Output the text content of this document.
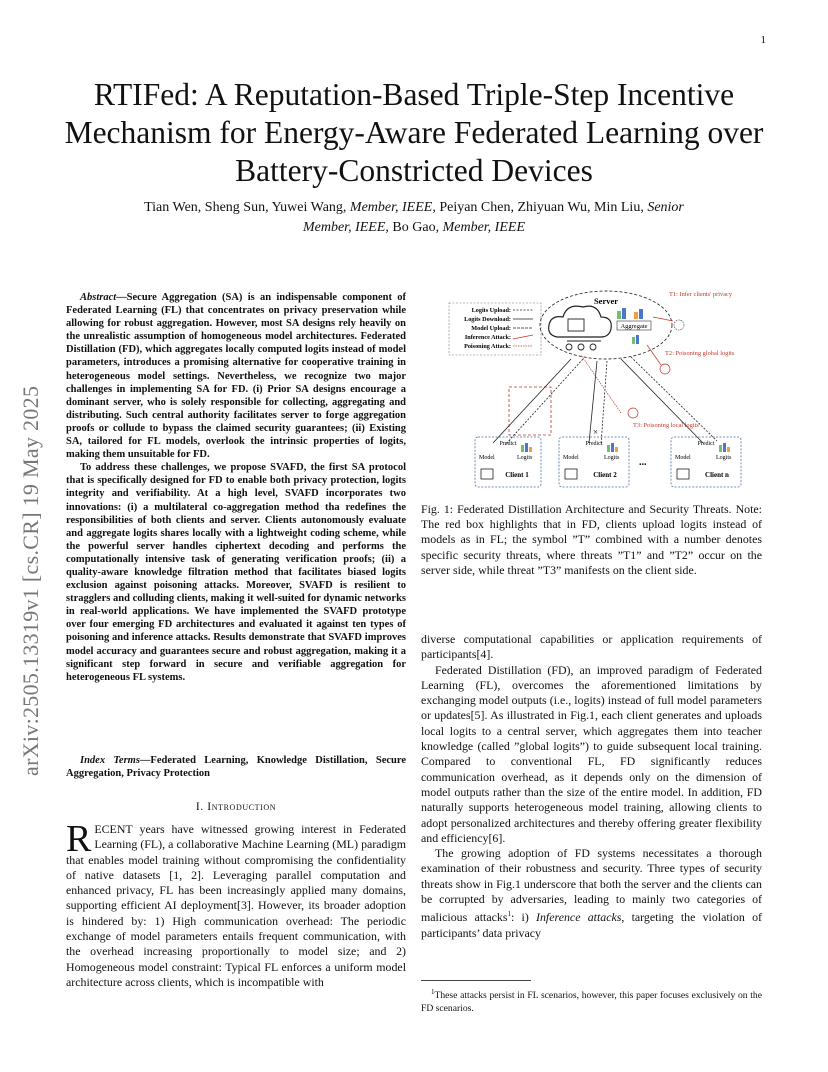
1
arXiv:2505.13319v1 [cs.CR] 19 May 2025
RTIFed: A Reputation-Based Triple-Step Incentive Mechanism for Energy-Aware Federated Learning over Battery-Constricted Devices
Tian Wen, Sheng Sun, Yuwei Wang, Member, IEEE, Peiyan Chen, Zhiyuan Wu, Min Liu, Senior
Member, IEEE, Bo Gao, Member, IEEE

Abstract—Secure Aggregation (SA) is an indispensable component of Federated Learning (FL) that concentrates on privacy preservation while allowing for robust aggregation. However, most SA designs rely heavily on the unrealistic assumption of homogeneous model architectures. Federated Distillation (FD), which aggregates locally computed logits instead of model parameters, introduces a promising alternative for cooperative training in heterogeneous model settings. Nevertheless, we recognize two major challenges in implementing SA for FD. (i) Prior SA designs encourage a dominant server, who is solely responsible for collecting, aggregating and distributing. Such central authority facilitates server to forge aggregation proofs or collude to bypass the claimed security guarantees; (ii) Existing SA, tailored for FL models, overlook the intrinsic properties of logits, making them unsuitable for FD.

To address these challenges, we propose SVAFD, the first SA protocol that is specifically designed for FD to enable both privacy protection, logits integrity and verifiability. At a high level, SVAFD incorporates two innovations: (i) a multilateral co-aggregation method tha redefines the responsibilities of both clients and server. Clients autonomously evaluate and aggregate logits shares locally with a lightweight coding scheme, while the powerful server handles ciphertext decoding and performs the computationally intensive task of generating verification proofs; (ii) a quality-aware knowledge filtration method that facilitates biased logits exclusion against poisoning attacks. Moreover, SVAFD is resilient to stragglers and colluding clients, making it well-suited for dynamic networks in real-world applications. We have implemented the SVAFD prototype over four emerging FD architectures and evaluated it against ten types of poisoning and inference attacks. Results demonstrate that SVAFD improves model accuracy and guarantees secure and robust aggregation, making it a significant step forward in secure and verifiable aggregation for heterogeneous FL systems.

Index Terms—Federated Learning, Knowledge Distillation, Secure Aggregation, Privacy Protection
I. Introduction

RECENT years have witnessed growing interest in Federated Learning (FL), a collaborative Machine Learning (ML) paradigm that enables model training without compromising the confidentiality of native datasets [1, 2]. Leveraging parallel computation and enhanced privacy, FL has been increasingly applied many domains, supporting efficient AI deployment[3]. However, its broader adoption is hindered by: 1) High communication overhead: The periodic exchange of model parameters entails frequent communication, with the overhead increasing proportionally to model size; and 2) Homogeneous model constraint: Typical FL enforces a uniform model architecture across clients, which is incompatible with

Logits Upload:
Logits Download:
Model Upload:
Inference Attack:
Poisoning Attack:
Server
Aggregate
T1: Infer clients' privacy
T2: Poisoning global logits
T3: Poisoning local logits
×
Predict
Model	Logits
Client 1
Predict
Model	Logits
Client 2
...
Predict
Model	Logits
Client n
Fig. 1: Federated Distillation Architecture and Security Threats. Note: The red box highlights that in FD, clients upload logits instead of models as in FL; the symbol ”T” combined with a number denotes specific security threats, where threats ”T1” and ”T2” occur on the server side, while threat ”T3” manifests on the client side.

diverse computational capabilities or application requirements of participants[4].

Federated Distillation (FD), an improved paradigm of Federated Learning (FL), overcomes the aforementioned limitations by exchanging model outputs (i.e., logits) instead of full model parameters or updates[5]. As illustrated in Fig.1, each client generates and uploads local logits to a central server, which aggregates them into teacher knowledge (called ”global logits”) to guide subsequent local training. Compared to conventional FL, FD significantly reduces communication overhead, as it depends only on the dimension of model outputs rather than the size of the entire model. In addition, FD naturally supports heterogeneous model training, allowing clients to adopt personalized architectures and thereby offering greater flexibility and efficiency[6].

The growing adoption of FD systems necessitates a thorough examination of their robustness and security. Three types of security threats show in Fig.1 underscore that both the server and the clients can be corrupted by adversaries, leading to mainly two categories of malicious attacks$^1$: i) Inference attacks, targeting the violation of participants’ data privacy

$^1$These attacks persist in FL scenarios, however, this paper focuses exclusively on the FD scenarios.
